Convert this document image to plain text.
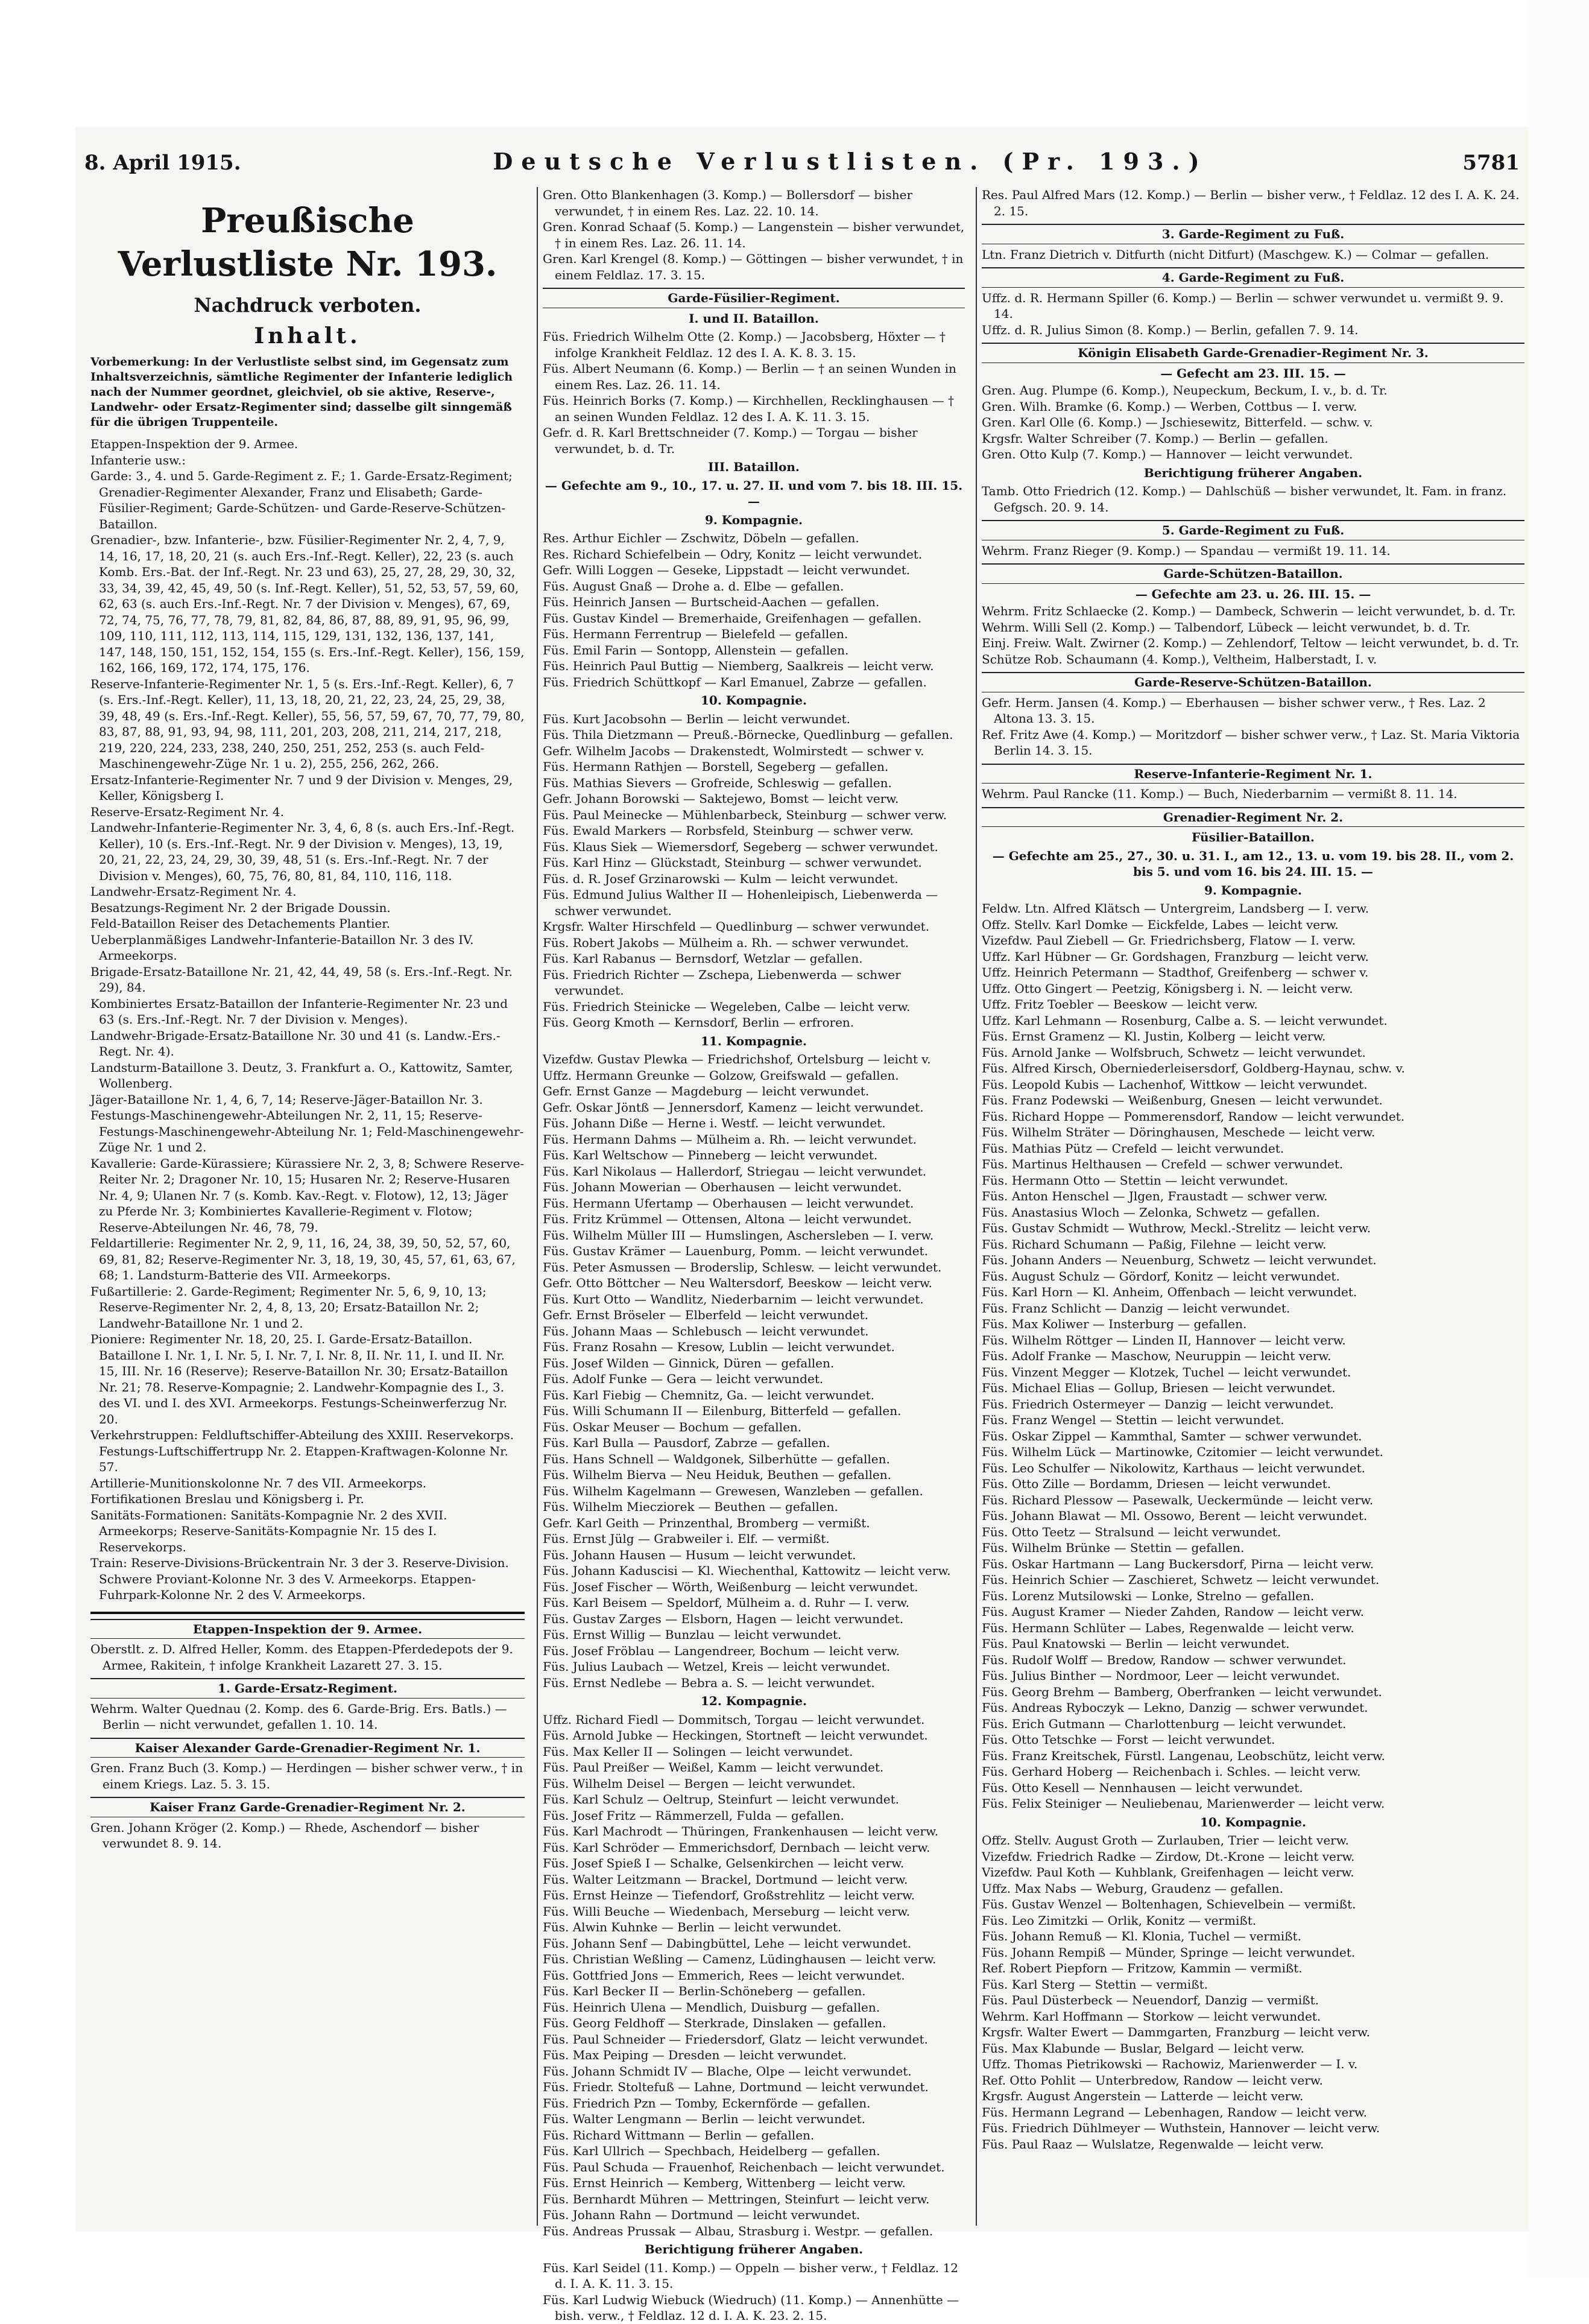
8. April 1915.	Deutsche Verlustlisten. (Pr. 193.)	5781
Preußische Verlustliste Nr. 193.
Nachdruck verboten.
Inhalt.
Vorbemerkung: In der Verlustliste selbst sind, im Gegensatz zum Inhaltsverzeichnis, sämtliche Regimenter der Infanterie lediglich nach der Nummer geordnet, gleichviel, ob sie aktive, Reserve-, Landwehr- oder Ersatz-Regimenter sind; dasselbe gilt sinngemäß für die übrigen Truppenteile.

Etappen-Inspektion der 9. Armee.

Infanterie usw.:

Garde: 3., 4. und 5. Garde-Regiment z. F.; 1. Garde-Ersatz-Regiment; Grenadier-Regimenter Alexander, Franz und Elisabeth; Garde-Füsilier-Regiment; Garde-Schützen- und Garde-Reserve-Schützen-Bataillon.

Grenadier-, bzw. Infanterie-, bzw. Füsilier-Regimenter Nr. 2, 4, 7, 9, 14, 16, 17, 18, 20, 21 (s. auch Ers.-Inf.-Regt. Keller), 22, 23 (s. auch Komb. Ers.-Bat. der Inf.-Regt. Nr. 23 und 63), 25, 27, 28, 29, 30, 32, 33, 34, 39, 42, 45, 49, 50 (s. Inf.-Regt. Keller), 51, 52, 53, 57, 59, 60, 62, 63 (s. auch Ers.-Inf.-Regt. Nr. 7 der Division v. Menges), 67, 69, 72, 74, 75, 76, 77, 78, 79, 81, 82, 84, 86, 87, 88, 89, 91, 95, 96, 99, 109, 110, 111, 112, 113, 114, 115, 129, 131, 132, 136, 137, 141, 147, 148, 150, 151, 152, 154, 155 (s. Ers.-Inf.-Regt. Keller), 156, 159, 162, 166, 169, 172, 174, 175, 176.

Reserve-Infanterie-Regimenter Nr. 1, 5 (s. Ers.-Inf.-Regt. Keller), 6, 7 (s. Ers.-Inf.-Regt. Keller), 11, 13, 18, 20, 21, 22, 23, 24, 25, 29, 38, 39, 48, 49 (s. Ers.-Inf.-Regt. Keller), 55, 56, 57, 59, 67, 70, 77, 79, 80, 83, 87, 88, 91, 93, 94, 98, 111, 201, 203, 208, 211, 214, 217, 218, 219, 220, 224, 233, 238, 240, 250, 251, 252, 253 (s. auch Feld-Maschinengewehr-Züge Nr. 1 u. 2), 255, 256, 262, 266.

Ersatz-Infanterie-Regimenter Nr. 7 und 9 der Division v. Menges, 29, Keller, Königsberg I.

Reserve-Ersatz-Regiment Nr. 4.

Landwehr-Infanterie-Regimenter Nr. 3, 4, 6, 8 (s. auch Ers.-Inf.-Regt. Keller), 10 (s. Ers.-Inf.-Regt. Nr. 9 der Division v. Menges), 13, 19, 20, 21, 22, 23, 24, 29, 30, 39, 48, 51 (s. Ers.-Inf.-Regt. Nr. 7 der Division v. Menges), 60, 75, 76, 80, 81, 84, 110, 116, 118.

Landwehr-Ersatz-Regiment Nr. 4.

Besatzungs-Regiment Nr. 2 der Brigade Doussin.

Feld-Bataillon Reiser des Detachements Plantier.

Ueberplanmäßiges Landwehr-Infanterie-Bataillon Nr. 3 des IV. Armeekorps.

Brigade-Ersatz-Bataillone Nr. 21, 42, 44, 49, 58 (s. Ers.-Inf.-Regt. Nr. 29), 84.

Kombiniertes Ersatz-Bataillon der Infanterie-Regimenter Nr. 23 und 63 (s. Ers.-Inf.-Regt. Nr. 7 der Division v. Menges).

Landwehr-Brigade-Ersatz-Bataillone Nr. 30 und 41 (s. Landw.-Ers.-Regt. Nr. 4).

Landsturm-Bataillone 3. Deutz, 3. Frankfurt a. O., Kattowitz, Samter, Wollenberg.

Jäger-Bataillone Nr. 1, 4, 6, 7, 14; Reserve-Jäger-Bataillon Nr. 3.

Festungs-Maschinengewehr-Abteilungen Nr. 2, 11, 15; Reserve-Festungs-Maschinengewehr-Abteilung Nr. 1; Feld-Maschinengewehr-Züge Nr. 1 und 2.

Kavallerie: Garde-Kürassiere; Kürassiere Nr. 2, 3, 8; Schwere Reserve-Reiter Nr. 2; Dragoner Nr. 10, 15; Husaren Nr. 2; Reserve-Husaren Nr. 4, 9; Ulanen Nr. 7 (s. Komb. Kav.-Regt. v. Flotow), 12, 13; Jäger zu Pferde Nr. 3; Kombiniertes Kavallerie-Regiment v. Flotow; Reserve-Abteilungen Nr. 46, 78, 79.

Feldartillerie: Regimenter Nr. 2, 9, 11, 16, 24, 38, 39, 50, 52, 57, 60, 69, 81, 82; Reserve-Regimenter Nr. 3, 18, 19, 30, 45, 57, 61, 63, 67, 68; 1. Landsturm-Batterie des VII. Armeekorps.

Fußartillerie: 2. Garde-Regiment; Regimenter Nr. 5, 6, 9, 10, 13; Reserve-Regimenter Nr. 2, 4, 8, 13, 20; Ersatz-Bataillon Nr. 2; Landwehr-Bataillone Nr. 1 und 2.

Pioniere: Regimenter Nr. 18, 20, 25. I. Garde-Ersatz-Bataillon. Bataillone I. Nr. 1, I. Nr. 5, I. Nr. 7, I. Nr. 8, II. Nr. 11, I. und II. Nr. 15, III. Nr. 16 (Reserve); Reserve-Bataillon Nr. 30; Ersatz-Bataillon Nr. 21; 78. Reserve-Kompagnie; 2. Landwehr-Kompagnie des I., 3. des VI. und I. des XVI. Armeekorps. Festungs-Scheinwerferzug Nr. 20.

Verkehrstruppen: Feldluftschiffer-Abteilung des XXIII. Reservekorps. Festungs-Luftschiffertrupp Nr. 2. Etappen-Kraftwagen-Kolonne Nr. 57.

Artillerie-Munitionskolonne Nr. 7 des VII. Armeekorps.

Fortifikationen Breslau und Königsberg i. Pr.

Sanitäts-Formationen: Sanitäts-Kompagnie Nr. 2 des XVII. Armeekorps; Reserve-Sanitäts-Kompagnie Nr. 15 des I. Reservekorps.

Train: Reserve-Divisions-Brückentrain Nr. 3 der 3. Reserve-Division. Schwere Proviant-Kolonne Nr. 3 des V. Armeekorps. Etappen-Fuhrpark-Kolonne Nr. 2 des V. Armeekorps.

Etappen-Inspektion der 9. Armee.
Oberstlt. z. D. Alfred Heller, Komm. des Etappen-Pferdedepots der 9. Armee, Rakitein, † infolge Krankheit Lazarett 27. 3. 15.
1. Garde-Ersatz-Regiment.
Wehrm. Walter Quednau (2. Komp. des 6. Garde-Brig. Ers. Batls.) — Berlin — nicht verwundet, gefallen 1. 10. 14.
Kaiser Alexander Garde-Grenadier-Regiment Nr. 1.
Gren. Franz Buch (3. Komp.) — Herdingen — bisher schwer verw., † in einem Kriegs. Laz. 5. 3. 15.
Kaiser Franz Garde-Grenadier-Regiment Nr. 2.
Gren. Johann Kröger (2. Komp.) — Rhede, Aschendorf — bisher verwundet 8. 9. 14.
Gren. Otto Blankenhagen (3. Komp.) — Bollersdorf — bisher verwundet, † in einem Res. Laz. 22. 10. 14.
Gren. Konrad Schaaf (5. Komp.) — Langenstein — bisher verwundet, † in einem Res. Laz. 26. 11. 14.
Gren. Karl Krengel (8. Komp.) — Göttingen — bisher verwundet, † in einem Feldlaz. 17. 3. 15.
Garde-Füsilier-Regiment.
I. und II. Bataillon.
Füs. Friedrich Wilhelm Otte (2. Komp.) — Jacobsberg, Höxter — † infolge Krankheit Feldlaz. 12 des I. A. K. 8. 3. 15.
Füs. Albert Neumann (6. Komp.) — Berlin — † an seinen Wunden in einem Res. Laz. 26. 11. 14.
Füs. Heinrich Borks (7. Komp.) — Kirchhellen, Recklinghausen — † an seinen Wunden Feldlaz. 12 des I. A. K. 11. 3. 15.
Gefr. d. R. Karl Brettschneider (7. Komp.) — Torgau — bisher verwundet, b. d. Tr.
III. Bataillon.
— Gefechte am 9., 10., 17. u. 27. II. und vom 7. bis 18. III. 15. —
9. Kompagnie.
Res. Arthur Eichler — Zschwitz, Döbeln — gefallen.
Res. Richard Schiefelbein — Odry, Konitz — leicht verwundet.
Gefr. Willi Loggen — Geseke, Lippstadt — leicht verwundet.
Füs. August Gnaß — Drohe a. d. Elbe — gefallen.
Füs. Heinrich Jansen — Burtscheid-Aachen — gefallen.
Füs. Gustav Kindel — Bremerhaide, Greifenhagen — gefallen.
Füs. Hermann Ferrentrup — Bielefeld — gefallen.
Füs. Emil Farin — Sontopp, Allenstein — gefallen.
Füs. Heinrich Paul Buttig — Niemberg, Saalkreis — leicht verw.
Füs. Friedrich Schüttkopf — Karl Emanuel, Zabrze — gefallen.
10. Kompagnie.
Füs. Kurt Jacobsohn — Berlin — leicht verwundet.
Füs. Thila Dietzmann — Preuß.-Börnecke, Quedlinburg — gefallen.
Gefr. Wilhelm Jacobs — Drakenstedt, Wolmirstedt — schwer v.
Füs. Hermann Rathjen — Borstell, Segeberg — gefallen.
Füs. Mathias Sievers — Grofreide, Schleswig — gefallen.
Gefr. Johann Borowski — Saktejewo, Bomst — leicht verw.
Füs. Paul Meinecke — Mühlenbarbeck, Steinburg — schwer verw.
Füs. Ewald Markers — Rorbsfeld, Steinburg — schwer verw.
Füs. Klaus Siek — Wiemersdorf, Segeberg — schwer verwundet.
Füs. Karl Hinz — Glückstadt, Steinburg — schwer verwundet.
Füs. d. R. Josef Grzinarowski — Kulm — leicht verwundet.
Füs. Edmund Julius Walther II — Hohenleipisch, Liebenwerda — schwer verwundet.
Krgsfr. Walter Hirschfeld — Quedlinburg — schwer verwundet.
Füs. Robert Jakobs — Mülheim a. Rh. — schwer verwundet.
Füs. Karl Rabanus — Bernsdorf, Wetzlar — gefallen.
Füs. Friedrich Richter — Zschepa, Liebenwerda — schwer verwundet.
Füs. Friedrich Steinicke — Wegeleben, Calbe — leicht verw.
Füs. Georg Kmoth — Kernsdorf, Berlin — erfroren.
11. Kompagnie.
Vizefdw. Gustav Plewka — Friedrichshof, Ortelsburg — leicht v.
Uffz. Hermann Greunke — Golzow, Greifswald — gefallen.
Gefr. Ernst Ganze — Magdeburg — leicht verwundet.
Gefr. Oskar Jöntß — Jennersdorf, Kamenz — leicht verwundet.
Füs. Johann Diße — Herne i. Westf. — leicht verwundet.
Füs. Hermann Dahms — Mülheim a. Rh. — leicht verwundet.
Füs. Karl Weltschow — Pinneberg — leicht verwundet.
Füs. Karl Nikolaus — Hallerdorf, Striegau — leicht verwundet.
Füs. Johann Mowerian — Oberhausen — leicht verwundet.
Füs. Hermann Ufertamp — Oberhausen — leicht verwundet.
Füs. Fritz Krümmel — Ottensen, Altona — leicht verwundet.
Füs. Wilhelm Müller III — Humslingen, Aschersleben — I. verw.
Füs. Gustav Krämer — Lauenburg, Pomm. — leicht verwundet.
Füs. Peter Asmussen — Broderslip, Schlesw. — leicht verwundet.
Gefr. Otto Böttcher — Neu Waltersdorf, Beeskow — leicht verw.
Füs. Kurt Otto — Wandlitz, Niederbarnim — leicht verwundet.
Gefr. Ernst Bröseler — Elberfeld — leicht verwundet.
Füs. Johann Maas — Schlebusch — leicht verwundet.
Füs. Franz Rosahn — Kresow, Lublin — leicht verwundet.
Füs. Josef Wilden — Ginnick, Düren — gefallen.
Füs. Adolf Funke — Gera — leicht verwundet.
Füs. Karl Fiebig — Chemnitz, Ga. — leicht verwundet.
Füs. Willi Schumann II — Eilenburg, Bitterfeld — gefallen.
Füs. Oskar Meuser — Bochum — gefallen.
Füs. Karl Bulla — Pausdorf, Zabrze — gefallen.
Füs. Hans Schnell — Waldgonek, Silberhütte — gefallen.
Füs. Wilhelm Bierva — Neu Heiduk, Beuthen — gefallen.
Füs. Wilhelm Kagelmann — Grewesen, Wanzleben — gefallen.
Füs. Wilhelm Miecziorek — Beuthen — gefallen.
Gefr. Karl Geith — Prinzenthal, Bromberg — vermißt.
Füs. Ernst Jülg — Grabweiler i. Elf. — vermißt.
Füs. Johann Hausen — Husum — leicht verwundet.
Füs. Johann Kaduscisi — Kl. Wiechenthal, Kattowitz — leicht verw.
Füs. Josef Fischer — Wörth, Weißenburg — leicht verwundet.
Füs. Karl Beisem — Speldorf, Mülheim a. d. Ruhr — I. verw.
Füs. Gustav Zarges — Elsborn, Hagen — leicht verwundet.
Füs. Ernst Willig — Bunzlau — leicht verwundet.
Füs. Josef Fröblau — Langendreer, Bochum — leicht verw.
Füs. Julius Laubach — Wetzel, Kreis — leicht verwundet.
Füs. Ernst Nedlebe — Bebra a. S. — leicht verwundet.
12. Kompagnie.
Uffz. Richard Fiedl — Dommitsch, Torgau — leicht verwundet.
Füs. Arnold Jubke — Heckingen, Stortneft — leicht verwundet.
Füs. Max Keller II — Solingen — leicht verwundet.
Füs. Paul Preißer — Weißel, Kamm — leicht verwundet.
Füs. Wilhelm Deisel — Bergen — leicht verwundet.
Füs. Karl Schulz — Oeltrup, Steinfurt — leicht verwundet.
Füs. Josef Fritz — Rämmerzell, Fulda — gefallen.
Füs. Karl Machrodt — Thüringen, Frankenhausen — leicht verw.
Füs. Karl Schröder — Emmerichsdorf, Dernbach — leicht verw.
Füs. Josef Spieß I — Schalke, Gelsenkirchen — leicht verw.
Füs. Walter Leitzmann — Brackel, Dortmund — leicht verw.
Füs. Ernst Heinze — Tiefendorf, Großstrehlitz — leicht verw.
Füs. Willi Beuche — Wiedenbach, Merseburg — leicht verw.
Füs. Alwin Kuhnke — Berlin — leicht verwundet.
Füs. Johann Senf — Dabingbüttel, Lehe — leicht verwundet.
Füs. Christian Weßling — Camenz, Lüdinghausen — leicht verw.
Füs. Gottfried Jons — Emmerich, Rees — leicht verwundet.
Füs. Karl Becker II — Berlin-Schöneberg — gefallen.
Füs. Heinrich Ulena — Mendlich, Duisburg — gefallen.
Füs. Georg Feldhoff — Sterkrade, Dinslaken — gefallen.
Füs. Paul Schneider — Friedersdorf, Glatz — leicht verwundet.
Füs. Max Peiping — Dresden — leicht verwundet.
Füs. Johann Schmidt IV — Blache, Olpe — leicht verwundet.
Füs. Friedr. Stoltefuß — Lahne, Dortmund — leicht verwundet.
Füs. Friedrich Pzn — Tomby, Eckernförde — gefallen.
Füs. Walter Lengmann — Berlin — leicht verwundet.
Füs. Richard Wittmann — Berlin — gefallen.
Füs. Karl Ullrich — Spechbach, Heidelberg — gefallen.
Füs. Paul Schuda — Frauenhof, Reichenbach — leicht verwundet.
Füs. Ernst Heinrich — Kemberg, Wittenberg — leicht verw.
Füs. Bernhardt Mühren — Mettringen, Steinfurt — leicht verw.
Füs. Johann Rahn — Dortmund — leicht verwundet.
Füs. Andreas Prussak — Albau, Strasburg i. Westpr. — gefallen.
Berichtigung früherer Angaben.
Füs. Karl Seidel (11. Komp.) — Oppeln — bisher verw., † Feldlaz. 12 d. I. A. K. 11. 3. 15.
Füs. Karl Ludwig Wiebuck (Wiedruch) (11. Komp.) — Annenhütte — bish. verw., † Feldlaz. 12 d. I. A. K. 23. 2. 15.
Res. Paul Alfred Mars (12. Komp.) — Berlin — bisher verw., † Feldlaz. 12 des I. A. K. 24. 2. 15.
3. Garde-Regiment zu Fuß.
Ltn. Franz Dietrich v. Ditfurth (nicht Ditfurt) (Maschgew. K.) — Colmar — gefallen.
4. Garde-Regiment zu Fuß.
Uffz. d. R. Hermann Spiller (6. Komp.) — Berlin — schwer verwundet u. vermißt 9. 9. 14.
Uffz. d. R. Julius Simon (8. Komp.) — Berlin, gefallen 7. 9. 14.
Königin Elisabeth Garde-Grenadier-Regiment Nr. 3.
— Gefecht am 23. III. 15. —
Gren. Aug. Plumpe (6. Komp.), Neupeckum, Beckum, I. v., b. d. Tr.
Gren. Wilh. Bramke (6. Komp.) — Werben, Cottbus — I. verw.
Gren. Karl Olle (6. Komp.) — Jschiesewitz, Bitterfeld. — schw. v.
Krgsfr. Walter Schreiber (7. Komp.) — Berlin — gefallen.
Gren. Otto Kulp (7. Komp.) — Hannover — leicht verwundet.
Berichtigung früherer Angaben.
Tamb. Otto Friedrich (12. Komp.) — Dahlschüß — bisher verwundet, lt. Fam. in franz. Gefgsch. 20. 9. 14.
5. Garde-Regiment zu Fuß.
Wehrm. Franz Rieger (9. Komp.) — Spandau — vermißt 19. 11. 14.
Garde-Schützen-Bataillon.
— Gefechte am 23. u. 26. III. 15. —
Wehrm. Fritz Schlaecke (2. Komp.) — Dambeck, Schwerin — leicht verwundet, b. d. Tr.
Wehrm. Willi Sell (2. Komp.) — Talbendorf, Lübeck — leicht verwundet, b. d. Tr.
Einj. Freiw. Walt. Zwirner (2. Komp.) — Zehlendorf, Teltow — leicht verwundet, b. d. Tr.
Schütze Rob. Schaumann (4. Komp.), Veltheim, Halberstadt, I. v.
Garde-Reserve-Schützen-Bataillon.
Gefr. Herm. Jansen (4. Komp.) — Eberhausen — bisher schwer verw., † Res. Laz. 2 Altona 13. 3. 15.
Ref. Fritz Awe (4. Komp.) — Moritzdorf — bisher schwer verw., † Laz. St. Maria Viktoria Berlin 14. 3. 15.
Reserve-Infanterie-Regiment Nr. 1.
Wehrm. Paul Rancke (11. Komp.) — Buch, Niederbarnim — vermißt 8. 11. 14.
Grenadier-Regiment Nr. 2.
Füsilier-Bataillon.
— Gefechte am 25., 27., 30. u. 31. I., am 12., 13. u. vom 19. bis 28. II., vom 2. bis 5. und vom 16. bis 24. III. 15. —
9. Kompagnie.
Feldw. Ltn. Alfred Klätsch — Untergreim, Landsberg — I. verw.
Offz. Stellv. Karl Domke — Eickfelde, Labes — leicht verw.
Vizefdw. Paul Ziebell — Gr. Friedrichsberg, Flatow — I. verw.
Uffz. Karl Hübner — Gr. Gordshagen, Franzburg — leicht verw.
Uffz. Heinrich Petermann — Stadthof, Greifenberg — schwer v.
Uffz. Otto Gingert — Peetzig, Königsberg i. N. — leicht verw.
Uffz. Fritz Toebler — Beeskow — leicht verw.
Uffz. Karl Lehmann — Rosenburg, Calbe a. S. — leicht verwundet.
Füs. Ernst Gramenz — Kl. Justin, Kolberg — leicht verw.
Füs. Arnold Janke — Wolfsbruch, Schwetz — leicht verwundet.
Füs. Alfred Kirsch, Oberniederleisersdorf, Goldberg-Haynau, schw. v.
Füs. Leopold Kubis — Lachenhof, Wittkow — leicht verwundet.
Füs. Franz Podewski — Weißenburg, Gnesen — leicht verwundet.
Füs. Richard Hoppe — Pommerensdorf, Randow — leicht verwundet.
Füs. Wilhelm Sträter — Döringhausen, Meschede — leicht verw.
Füs. Mathias Pütz — Crefeld — leicht verwundet.
Füs. Martinus Helthausen — Crefeld — schwer verwundet.
Füs. Hermann Otto — Stettin — leicht verwundet.
Füs. Anton Henschel — Jlgen, Fraustadt — schwer verw.
Füs. Anastasius Wloch — Zelonka, Schwetz — gefallen.
Füs. Gustav Schmidt — Wuthrow, Meckl.-Strelitz — leicht verw.
Füs. Richard Schumann — Paßig, Filehne — leicht verw.
Füs. Johann Anders — Neuenburg, Schwetz — leicht verwundet.
Füs. August Schulz — Gördorf, Konitz — leicht verwundet.
Füs. Karl Horn — Kl. Anheim, Offenbach — leicht verwundet.
Füs. Franz Schlicht — Danzig — leicht verwundet.
Füs. Max Koliwer — Insterburg — gefallen.
Füs. Wilhelm Röttger — Linden II, Hannover — leicht verw.
Füs. Adolf Franke — Maschow, Neuruppin — leicht verw.
Füs. Vinzent Megger — Klotzek, Tuchel — leicht verwundet.
Füs. Michael Elias — Gollup, Briesen — leicht verwundet.
Füs. Friedrich Ostermeyer — Danzig — leicht verwundet.
Füs. Franz Wengel — Stettin — leicht verwundet.
Füs. Oskar Zippel — Kammthal, Samter — schwer verwundet.
Füs. Wilhelm Lück — Martinowke, Czitomier — leicht verwundet.
Füs. Leo Schulfer — Nikolowitz, Karthaus — leicht verwundet.
Füs. Otto Zille — Bordamm, Driesen — leicht verwundet.
Füs. Richard Plessow — Pasewalk, Ueckermünde — leicht verw.
Füs. Johann Blawat — Ml. Ossowo, Berent — leicht verwundet.
Füs. Otto Teetz — Stralsund — leicht verwundet.
Füs. Wilhelm Brünke — Stettin — gefallen.
Füs. Oskar Hartmann — Lang Buckersdorf, Pirna — leicht verw.
Füs. Heinrich Schier — Zaschieret, Schwetz — leicht verwundet.
Füs. Lorenz Mutsilowski — Lonke, Strelno — gefallen.
Füs. August Kramer — Nieder Zahden, Randow — leicht verw.
Füs. Hermann Schlüter — Labes, Regenwalde — leicht verw.
Füs. Paul Knatowski — Berlin — leicht verwundet.
Füs. Rudolf Wolff — Bredow, Randow — schwer verwundet.
Füs. Julius Binther — Nordmoor, Leer — leicht verwundet.
Füs. Georg Brehm — Bamberg, Oberfranken — leicht verwundet.
Füs. Andreas Ryboczyk — Lekno, Danzig — schwer verwundet.
Füs. Erich Gutmann — Charlottenburg — leicht verwundet.
Füs. Otto Tetschke — Forst — leicht verwundet.
Füs. Franz Kreitschek, Fürstl. Langenau, Leobschütz, leicht verw.
Füs. Gerhard Hoberg — Reichenbach i. Schles. — leicht verw.
Füs. Otto Kesell — Nennhausen — leicht verwundet.
Füs. Felix Steiniger — Neuliebenau, Marienwerder — leicht verw.
10. Kompagnie.
Offz. Stellv. August Groth — Zurlauben, Trier — leicht verw.
Vizefdw. Friedrich Radke — Zirdow, Dt.-Krone — leicht verw.
Vizefdw. Paul Koth — Kuhblank, Greifenhagen — leicht verw.
Uffz. Max Nabs — Weburg, Graudenz — gefallen.
Füs. Gustav Wenzel — Boltenhagen, Schievelbein — vermißt.
Füs. Leo Zimitzki — Orlik, Konitz — vermißt.
Füs. Johann Remuß — Kl. Klonia, Tuchel — vermißt.
Füs. Johann Rempiß — Münder, Springe — leicht verwundet.
Ref. Robert Piepforn — Fritzow, Kammin — vermißt.
Füs. Karl Sterg — Stettin — vermißt.
Füs. Paul Düsterbeck — Neuendorf, Danzig — vermißt.
Wehrm. Karl Hoffmann — Storkow — leicht verwundet.
Krgsfr. Walter Ewert — Dammgarten, Franzburg — leicht verw.
Füs. Max Klabunde — Buslar, Belgard — leicht verw.
Uffz. Thomas Pietrikowski — Rachowiz, Marienwerder — I. v.
Ref. Otto Pohlit — Unterbredow, Randow — leicht verw.
Krgsfr. August Angerstein — Latterde — leicht verw.
Füs. Hermann Legrand — Lebenhagen, Randow — leicht verw.
Füs. Friedrich Dühlmeyer — Wuthstein, Hannover — leicht verw.
Füs. Paul Raaz — Wulslatze, Regenwalde — leicht verw.
